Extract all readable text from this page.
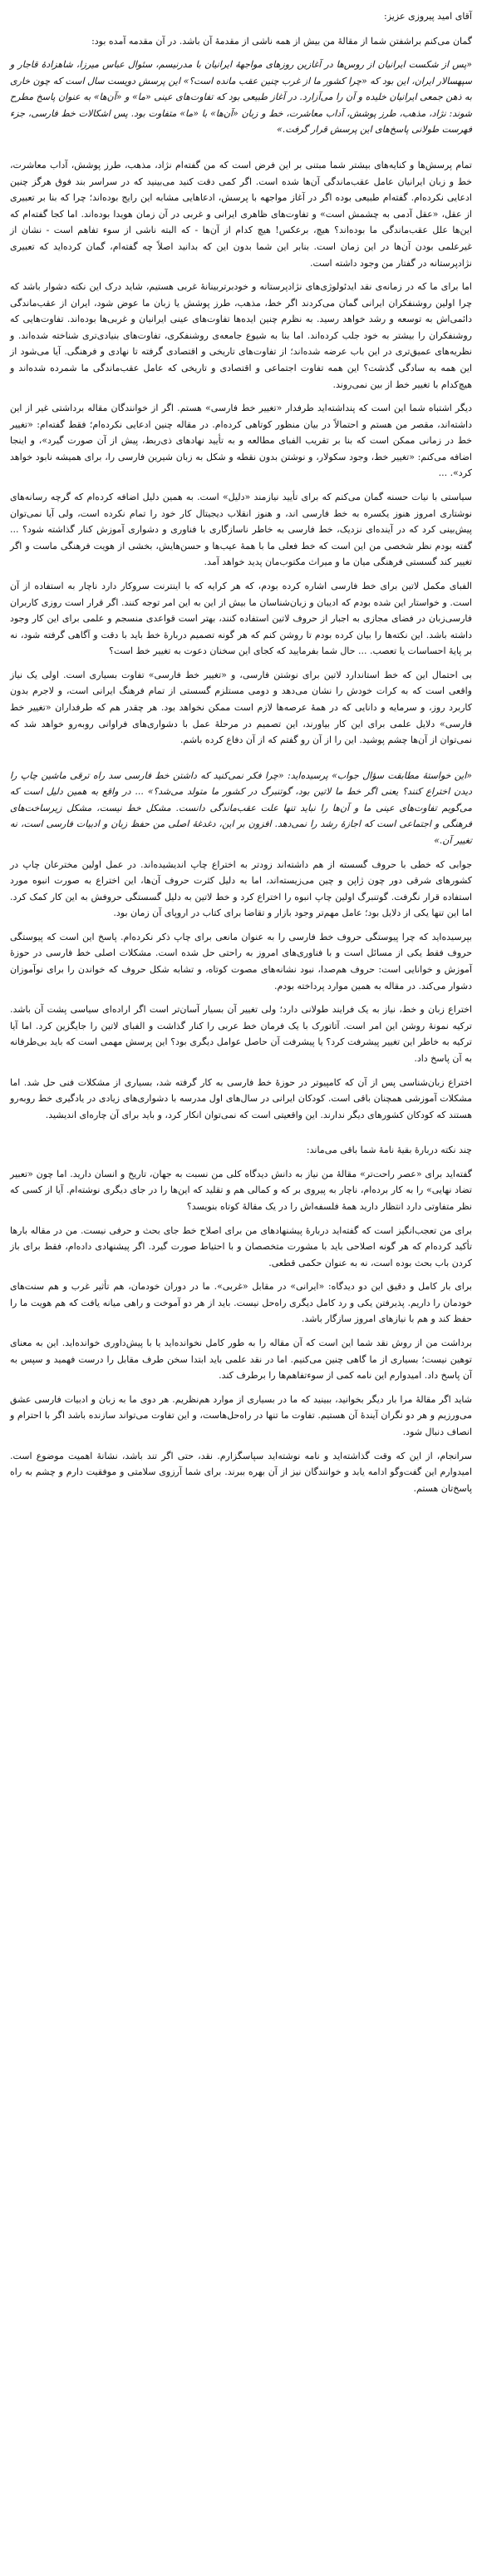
آقای امید پیروزی عزیز:

گمان می‌کنم براشفتن شما از مقالهٔ من بیش از همه ناشی از مقدمهٔ آن باشد. در آن مقدمه آمده بود:

«پس از شکست ایرانیان از روس‌ها در آغازین روزهای مواجههٔ ایرانیان با مدرنیسم، سئوال عباس میرزا، شاهزادهٔ قاجار و سپهسالار ایران، این بود که «چرا کشور ما از غرب چنین عقب مانده است؟» این پرسش دویست سال است که چون خاری به ذهن جمعی ایرانیان خلیده و آن را می‌آزارد. در آغاز طبیعی بود که تفاوت‌های عینی «ما» و «آن‌ها» به عنوان پاسخ مطرح شوند: نژاد، مذهب، طرز پوشش، آداب معاشرت، خط و زبان «آن‌ها» با «ما» متفاوت بود. پس اشکالات خط فارسی، جزء فهرست طولانی پاسخ‌های این پرسش قرار گرفت.»

تمام پرسش‌ها و کنایه‌های بیشتر شما مبتنی بر این فرض است که من گفته‌ام نژاد، مذهب، طرز پوشش، آداب معاشرت، خط و زبان ایرانیان عامل عقب‌ماندگی آن‌ها شده است. اگر کمی دقت کنید می‌بینید که در سراسر بند فوق هرگز چنین ادعایی نکرده‌ام. گفته‌ام طبیعی بوده اگر در آغاز مواجهه با پرسش، ادعاهایی مشابه این رایج بوده‌اند؛ چرا که بنا بر تعبیری از عقل، «عقل آدمی به چشمش است» و تفاوت‌های ظاهری ایرانی و غربی در آن زمان هویدا بوده‌اند. اما کجا گفته‌ام که این‌ها علل عقب‌ماندگی ما بوده‌اند؟ هیچ، برعکس! هیچ کدام از آن‌ها - که البته ناشی از سوء تفاهم است - نشان از غیرعلمی بودن آن‌ها در این زمان است. بنابر این شما بدون این که بدانید اصلاً چه گفته‌ام، گمان کرده‌اید که تعبیری نژادپرستانه در گفتار من وجود داشته است.

اما برای ما که در زمانه‌ی نقد ایدئولوژی‌های نژادپرستانه و خودبرتربینانهٔ غربی هستیم، شاید درک این نکته دشوار باشد که چرا اولین روشنفکران ایرانی گمان می‌کردند اگر خط، مذهب، طرز پوشش یا زبان ما عوض شود، ایران از عقب‌ماندگی دائمی‌اش به توسعه و رشد خواهد رسید. به نظرم چنین ایده‌ها تفاوت‌های عینی ایرانیان و غربی‌ها بوده‌اند. تفاوت‌هایی که روشنفکران را بیشتر به خود جلب کرده‌اند. اما بنا به شیوع جامعه‌ی روشنفکری، تفاوت‌های بنیادی‌تری شناخته شده‌اند. و نظریه‌های عمیق‌تری در این باب عرضه شده‌اند؛ از تفاوت‌های تاریخی و اقتصادی گرفته تا نهادی و فرهنگی. آیا می‌شود از این همه به سادگی گذشت؟ این همه تفاوت اجتماعی و اقتصادی و تاریخی که عامل عقب‌ماندگی ما شمرده شده‌اند و هیچ‌کدام با تغییر خط از بین نمی‌روند.

دیگر اشتباه شما این است که پنداشته‌اید طرفدار «تغییر خط فارسی» هستم. اگر از خوانندگان مقاله برداشتی غیر از این داشته‌اند، مقصر من هستم و احتمالاً در بیان منظور کوتاهی کرده‌ام. در مقاله چنین ادعایی نکرده‌ام؛ فقط گفته‌ام: «تغییر خط در زمانی ممکن است که بنا بر تقریب الفبای مطالعه و به تأیید نهادهای ذی‌ربط، پیش از آن صورت گیرد»، و اینجا اضافه می‌کنم: «تغییر خط، وجود سکولار، و نوشتن بدون نقطه و شکل به زبان شیرین فارسی را، برای همیشه نابود خواهد کرد». ...

سیاستی با نیات حسنه گمان می‌کنم که برای تأیید نیازمند «دلیل» است. به همین دلیل اضافه کرده‌ام که گرچه رسانه‌های نوشتاری امروز هنوز یکسره به خط فارسی اند، و هنوز انقلاب دیجیتال کار خود را تمام نکرده است، ولی آیا نمی‌توان پیش‌بینی کرد که در آینده‌ای نزدیک، خط فارسی به خاطر ناسازگاری با فناوری و دشواری آموزش کنار گذاشته شود؟ ... گفته بودم نظر شخصی من این است که خط فعلی ما با همهٔ عیب‌ها و حسن‌هایش، بخشی از هویت فرهنگی ماست و اگر تغییر کند گسستی فرهنگی میان ما و میراث مکتوب‌مان پدید خواهد آمد.

الفبای مکمل لاتین برای خط فارسی اشاره کرده بودم، که هر کرایه که با اینترنت سروکار دارد ناچار به استفاده از آن است. و خواستار این شده بودم که ادیبان و زبان‌شناسان ما بیش از این به این امر توجه کنند. اگر قرار است روزی کاربران فارسی‌زبان در فضای مجازی به اجبار از حروف لاتین استفاده کنند، بهتر است قواعدی منسجم و علمی برای این کار وجود داشته باشد. این نکته‌ها را بیان کرده بودم تا روشن کنم که هر گونه تصمیم دربارهٔ خط باید با دقت و آگاهی گرفته شود، نه بر پایهٔ احساسات یا تعصب. ... حال شما بفرمایید که کجای این سخنان دعوت به تغییر خط است؟

بی احتمال این که خط استاندارد لاتین برای نوشتن فارسی، و «تغییر خط فارسی» تفاوت بسیاری است. اولی یک نیاز واقعی است که به کرات خودش را نشان می‌دهد و دومی مستلزم گسستی از تمام فرهنگ ایرانی است، و لاجرم بدون کاربرد روز، و سرمایه و دانایی که در همهٔ عرصه‌ها لازم است ممکن نخواهد بود. هر چقدر هم که طرفداران «تغییر خط فارسی» دلایل علمی برای این کار بیاورند، این تصمیم در مرحلهٔ عمل با دشواری‌های فراوانی روبه‌رو خواهد شد که نمی‌توان از آن‌ها چشم پوشید. این را از آن رو گفتم که از آن دفاع کرده باشم.

«این خواستهٔ مطابقت سؤال جواب» پرسیده‌اید: «چرا فکر نمی‌کنید که داشتن خط فارسی سد راه ترقی ماشین چاپ را دیدن اختراع کنند؟ یعنی اگر خط ما لاتین بود، گوتنبرگ در کشور ما متولد می‌شد؟» ... در واقع به همین دلیل است که می‌گویم تفاوت‌های عینی ما و آن‌ها را نباید تنها علت عقب‌ماندگی دانست. مشکل خط نیست، مشکل زیرساخت‌های فرهنگی و اجتماعی است که اجازهٔ رشد را نمی‌دهد. افزون بر این، دغدغهٔ اصلی من حفظ زبان و ادبیات فارسی است، نه تغییر آن.»

جوابی که خطی با حروف گسسته از هم داشته‌اند زودتر به اختراع چاپ اندیشیده‌اند. در عمل اولین مخترعان چاپ در کشورهای شرقی دور چون ژاپن و چین می‌زیسته‌اند، اما به دلیل کثرت حروف آن‌ها، این اختراع به صورت انبوه مورد استفاده قرار نگرفت. گوتنبرگ اولین چاپ انبوه را اختراع کرد و خط لاتین به دلیل گسستگی حروفش به این کار کمک کرد. اما این تنها یکی از دلایل بود؛ عامل مهم‌تر وجود بازار و تقاضا برای کتاب در اروپای آن زمان بود.

بپرسیده‌اید که چرا پیوستگی حروف خط فارسی را به عنوان مانعی برای چاپ ذکر نکرده‌ام. پاسخ این است که پیوستگی حروف فقط یکی از مسائل است و با فناوری‌های امروز به راحتی حل شده است. مشکلات اصلی خط فارسی در حوزهٔ آموزش و خوانایی است: حروف هم‌صدا، نبود نشانه‌های مصوت کوتاه، و تشابه شکل حروف که خواندن را برای نوآموزان دشوار می‌کند. در مقاله به همین موارد پرداخته بودم.

اختراع زبان و خط، نیاز به یک فرایند طولانی دارد؛ ولی تغییر آن بسیار آسان‌تر است اگر اراده‌ای سیاسی پشت آن باشد. ترکیه نمونهٔ روشن این امر است. آتاتورک با یک فرمان خط عربی را کنار گذاشت و الفبای لاتین را جایگزین کرد. اما آیا ترکیه به خاطر این تغییر پیشرفت کرد؟ یا پیشرفت آن حاصل عوامل دیگری بود؟ این پرسش مهمی است که باید بی‌طرفانه به آن پاسخ داد.

اختراع زبان‌شناسی پس از آن که کامپیوتر در حوزهٔ خط فارسی به کار گرفته شد، بسیاری از مشکلات فنی حل شد. اما مشکلات آموزشی همچنان باقی است. کودکان ایرانی در سال‌های اول مدرسه با دشواری‌های زیادی در یادگیری خط روبه‌رو هستند که کودکان کشورهای دیگر ندارند. این واقعیتی است که نمی‌توان انکار کرد، و باید برای آن چاره‌ای اندیشید.

چند نکته دربارهٔ بقیهٔ نامهٔ شما باقی می‌ماند:

گفته‌اید برای «عصر راحت‌تر» مقالهٔ من نیاز به دانش دیدگاه کلی من نسبت به جهان، تاریخ و انسان دارید. اما چون «تعبیر تضاد نهایی» را به کار برده‌ام، ناچار به پیروی بر که و کمالی هم و تقلید که این‌ها را در جای دیگری نوشته‌ام. آیا از کسی که نظر متفاوتی دارد انتظار دارید همهٔ فلسفه‌اش را در یک مقالهٔ کوتاه بنویسد؟

برای من تعجب‌انگیز است که گفته‌اید دربارهٔ پیشنهادهای من برای اصلاح خط جای بحث و حرفی نیست. من در مقاله بارها تأکید کرده‌ام که هر گونه اصلاحی باید با مشورت متخصصان و با احتیاط صورت گیرد. اگر پیشنهادی داده‌ام، فقط برای باز کردن باب بحث بوده است، نه به عنوان حکمی قطعی.

برای بار کامل و دقیق این دو دیدگاه: «ایرانی» در مقابل «غربی». ما در دوران خودمان، هم تأثیر غرب و هم سنت‌های خودمان را داریم. پذیرفتن یکی و رد کامل دیگری راه‌حل نیست. باید از هر دو آموخت و راهی میانه یافت که هم هویت ما را حفظ کند و هم با نیازهای امروز سازگار باشد.

برداشت من از روش نقد شما این است که آن مقاله را به طور کامل نخوانده‌اید یا با پیش‌داوری خوانده‌اید. این به معنای توهین نیست؛ بسیاری از ما گاهی چنین می‌کنیم. اما در نقد علمی باید ابتدا سخن طرف مقابل را درست فهمید و سپس به آن پاسخ داد. امیدوارم این نامه کمی از سوءتفاهم‌ها را برطرف کند.

شاید اگر مقالهٔ مرا بار دیگر بخوانید، ببینید که ما در بسیاری از موارد هم‌نظریم. هر دوی ما به زبان و ادبیات فارسی عشق می‌ورزیم و هر دو نگران آیندهٔ آن هستیم. تفاوت ما تنها در راه‌حل‌هاست، و این تفاوت می‌تواند سازنده باشد اگر با احترام و انصاف دنبال شود.

سرانجام، از این که وقت گذاشته‌اید و نامه نوشته‌اید سپاسگزارم. نقد، حتی اگر تند باشد، نشانهٔ اهمیت موضوع است. امیدوارم این گفت‌وگو ادامه یابد و خوانندگان نیز از آن بهره ببرند. برای شما آرزوی سلامتی و موفقیت دارم و چشم به راه پاسخ‌تان هستم.
